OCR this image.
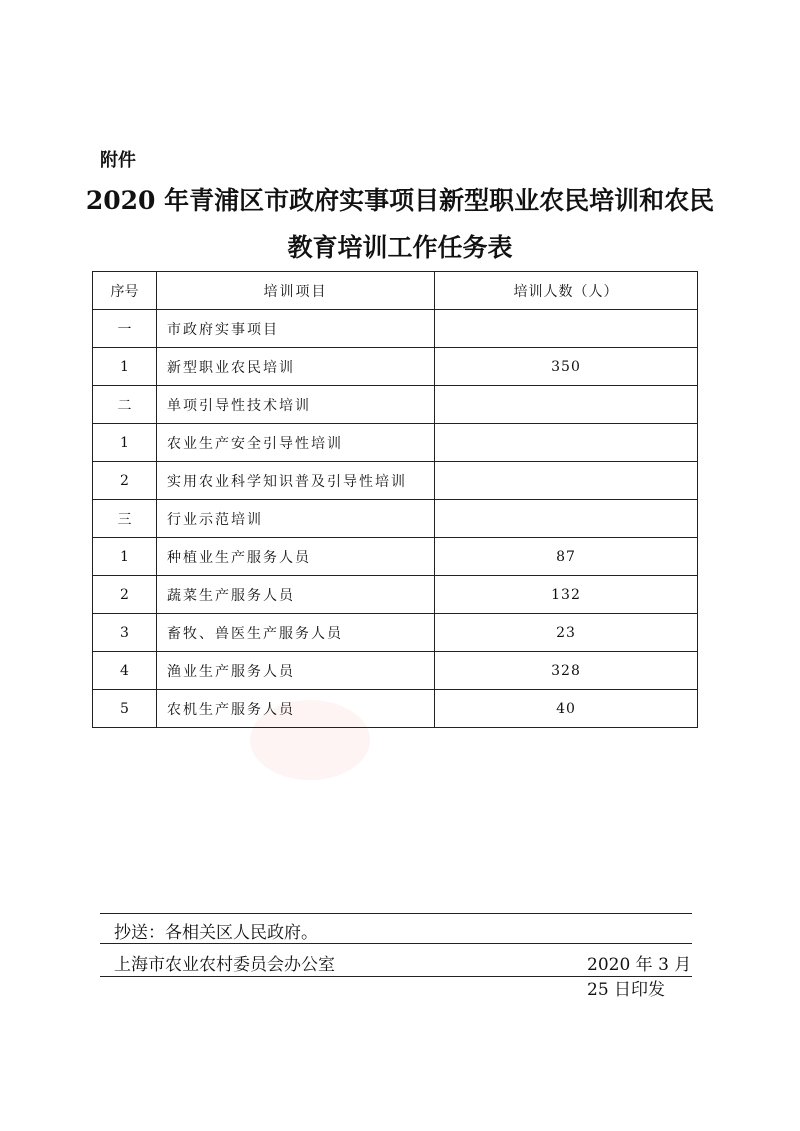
附件
2020 年青浦区市政府实事项目新型职业农民培训和农民
教育培训工作任务表
序号	培训项目	培训人数（人）
一	市政府实事项目	
1	新型职业农民培训	350
二	单项引导性技术培训	
1	农业生产安全引导性培训	
2	实用农业科学知识普及引导性培训	
三	行业示范培训	
1	种植业生产服务人员	87
2	蔬菜生产服务人员	132
3	畜牧、兽医生产服务人员	23
4	渔业生产服务人员	328
5	农机生产服务人员	40
抄送：各相关区人民政府。
上海市农业农村委员会办公室	2020 年 3 月 25 日印发
